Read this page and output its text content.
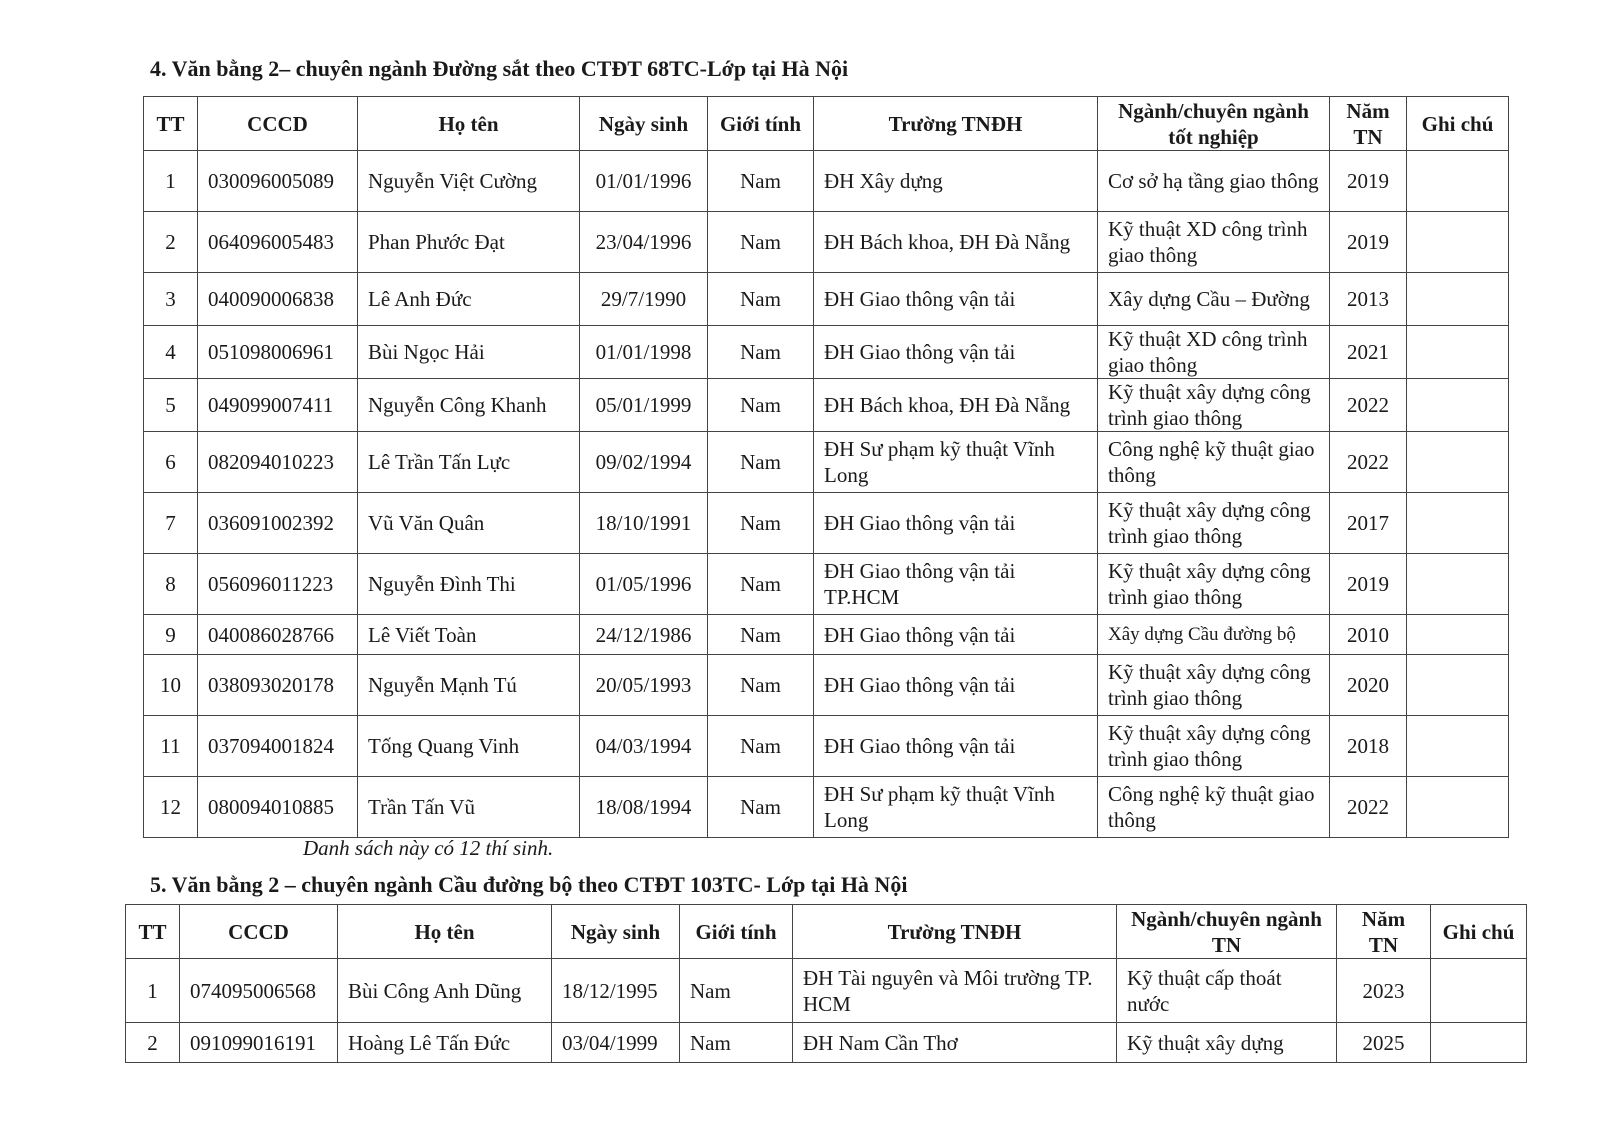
4. Văn bằng 2– chuyên ngành Đường sắt theo CTĐT 68TC-Lớp tại Hà Nội
TT	CCCD	Họ tên	Ngày sinh	Giới tính	Trường TNĐH	Ngành/chuyên ngành tốt nghiệp	Năm TN	Ghi chú
1	030096005089	Nguyễn Việt Cường	01/01/1996	Nam	ĐH Xây dựng	Cơ sở hạ tầng giao thông	2019	
2	064096005483	Phan Phước Đạt	23/04/1996	Nam	ĐH Bách khoa, ĐH Đà Nẵng	Kỹ thuật XD công trình giao thông	2019	
3	040090006838	Lê Anh Đức	29/7/1990	Nam	ĐH Giao thông vận tải	Xây dựng Cầu – Đường	2013	
4	051098006961	Bùi Ngọc Hải	01/01/1998	Nam	ĐH Giao thông vận tải	Kỹ thuật XD công trình giao thông	2021	
5	049099007411	Nguyễn Công Khanh	05/01/1999	Nam	ĐH Bách khoa, ĐH Đà Nẵng	Kỹ thuật xây dựng công trình giao thông	2022	
6	082094010223	Lê Trần Tấn Lực	09/02/1994	Nam	ĐH Sư phạm kỹ thuật Vĩnh Long	Công nghệ kỹ thuật giao thông	2022	
7	036091002392	Vũ Văn Quân	18/10/1991	Nam	ĐH Giao thông vận tải	Kỹ thuật xây dựng công trình giao thông	2017	
8	056096011223	Nguyễn Đình Thi	01/05/1996	Nam	ĐH Giao thông vận tải TP.HCM	Kỹ thuật xây dựng công trình giao thông	2019	
9	040086028766	Lê Viết Toàn	24/12/1986	Nam	ĐH Giao thông vận tải	Xây dựng Cầu đường bộ	2010	
10	038093020178	Nguyễn Mạnh Tú	20/05/1993	Nam	ĐH Giao thông vận tải	Kỹ thuật xây dựng công trình giao thông	2020	
11	037094001824	Tống Quang Vinh	04/03/1994	Nam	ĐH Giao thông vận tải	Kỹ thuật xây dựng công trình giao thông	2018	
12	080094010885	Trần Tấn Vũ	18/08/1994	Nam	ĐH Sư phạm kỹ thuật Vĩnh Long	Công nghệ kỹ thuật giao thông	2022	
Danh sách này có 12 thí sinh.
5. Văn bằng 2 – chuyên ngành Cầu đường bộ theo CTĐT 103TC- Lớp tại Hà Nội
TT	CCCD	Họ tên	Ngày sinh	Giới tính	Trường TNĐH	Ngành/chuyên ngành TN	Năm TN	Ghi chú
1	074095006568	Bùi Công Anh Dũng	18/12/1995	Nam	ĐH Tài nguyên và Môi trường TP. HCM	Kỹ thuật cấp thoát nước	2023	
2	091099016191	Hoàng Lê Tấn Đức	03/04/1999	Nam	ĐH Nam Cần Thơ	Kỹ thuật xây dựng	2025	
